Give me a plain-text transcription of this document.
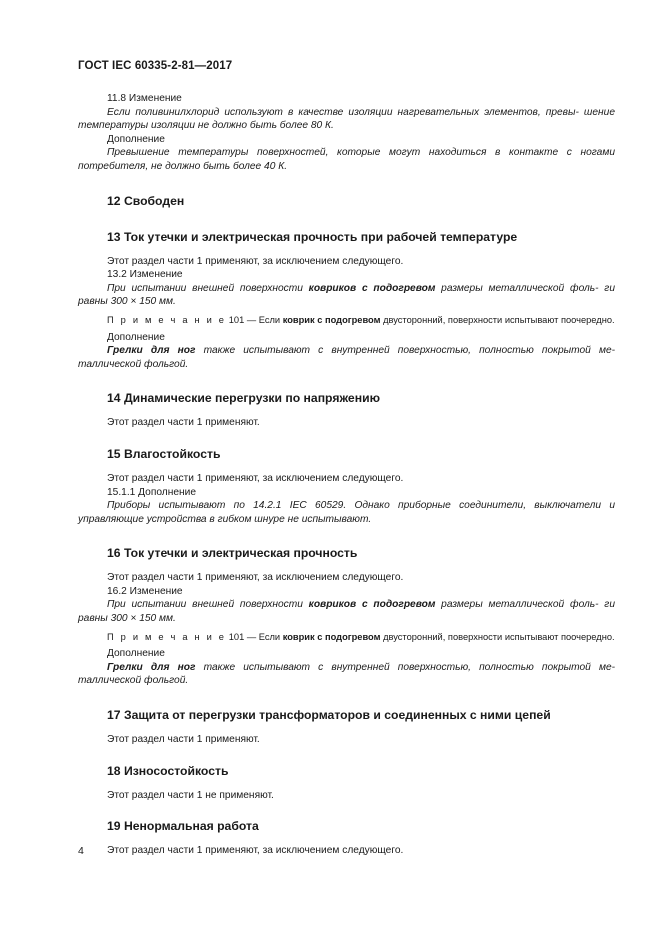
ГОСТ IEC 60335-2-81—2017

11.8 Изменение

Если поливинилхлорид используют в качестве изоляции нагревательных элементов, превы- шение температуры изоляции не должно быть более 80 К.

Дополнение

Превышение температуры поверхностей, которые могут находиться в контакте с ногами потребителя, не должно быть более 40 К.

12 Свободен

13 Ток утечки и электрическая прочность при рабочей температуре

Этот раздел части 1 применяют, за исключением следующего.

13.2 Изменение

При испытании внешней поверхности ковриков с подогревом размеры металлической фоль- ги равны 300 × 150 мм.

П р и м е ч а н и е 101 — Если коврик с подогревом двусторонний, поверхности испытывают поочередно.

Дополнение

Грелки для ног также испытывают с внутренней поверхностью, полностью покрытой ме- таллической фольгой.

14 Динамические перегрузки по напряжению

Этот раздел части 1 применяют.

15 Влагостойкость

Этот раздел части 1 применяют, за исключением следующего.

15.1.1 Дополнение

Приборы испытывают по 14.2.1 IEC 60529. Однако приборные соединители, выключатели и управляющие устройства в гибком шнуре не испытывают.

16 Ток утечки и электрическая прочность

Этот раздел части 1 применяют, за исключением следующего.

16.2 Изменение

При испытании внешней поверхности ковриков с подогревом размеры металлической фоль- ги равны 300 × 150 мм.

П р и м е ч а н и е 101 — Если коврик с подогревом двусторонний, поверхности испытывают поочередно.

Дополнение

Грелки для ног также испытывают с внутренней поверхностью, полностью покрытой ме- таллической фольгой.

17 Защита от перегрузки трансформаторов и соединенных с ними цепей

Этот раздел части 1 применяют.

18 Износостойкость

Этот раздел части 1 не применяют.

19 Ненормальная работа

Этот раздел части 1 применяют, за исключением следующего.

4
